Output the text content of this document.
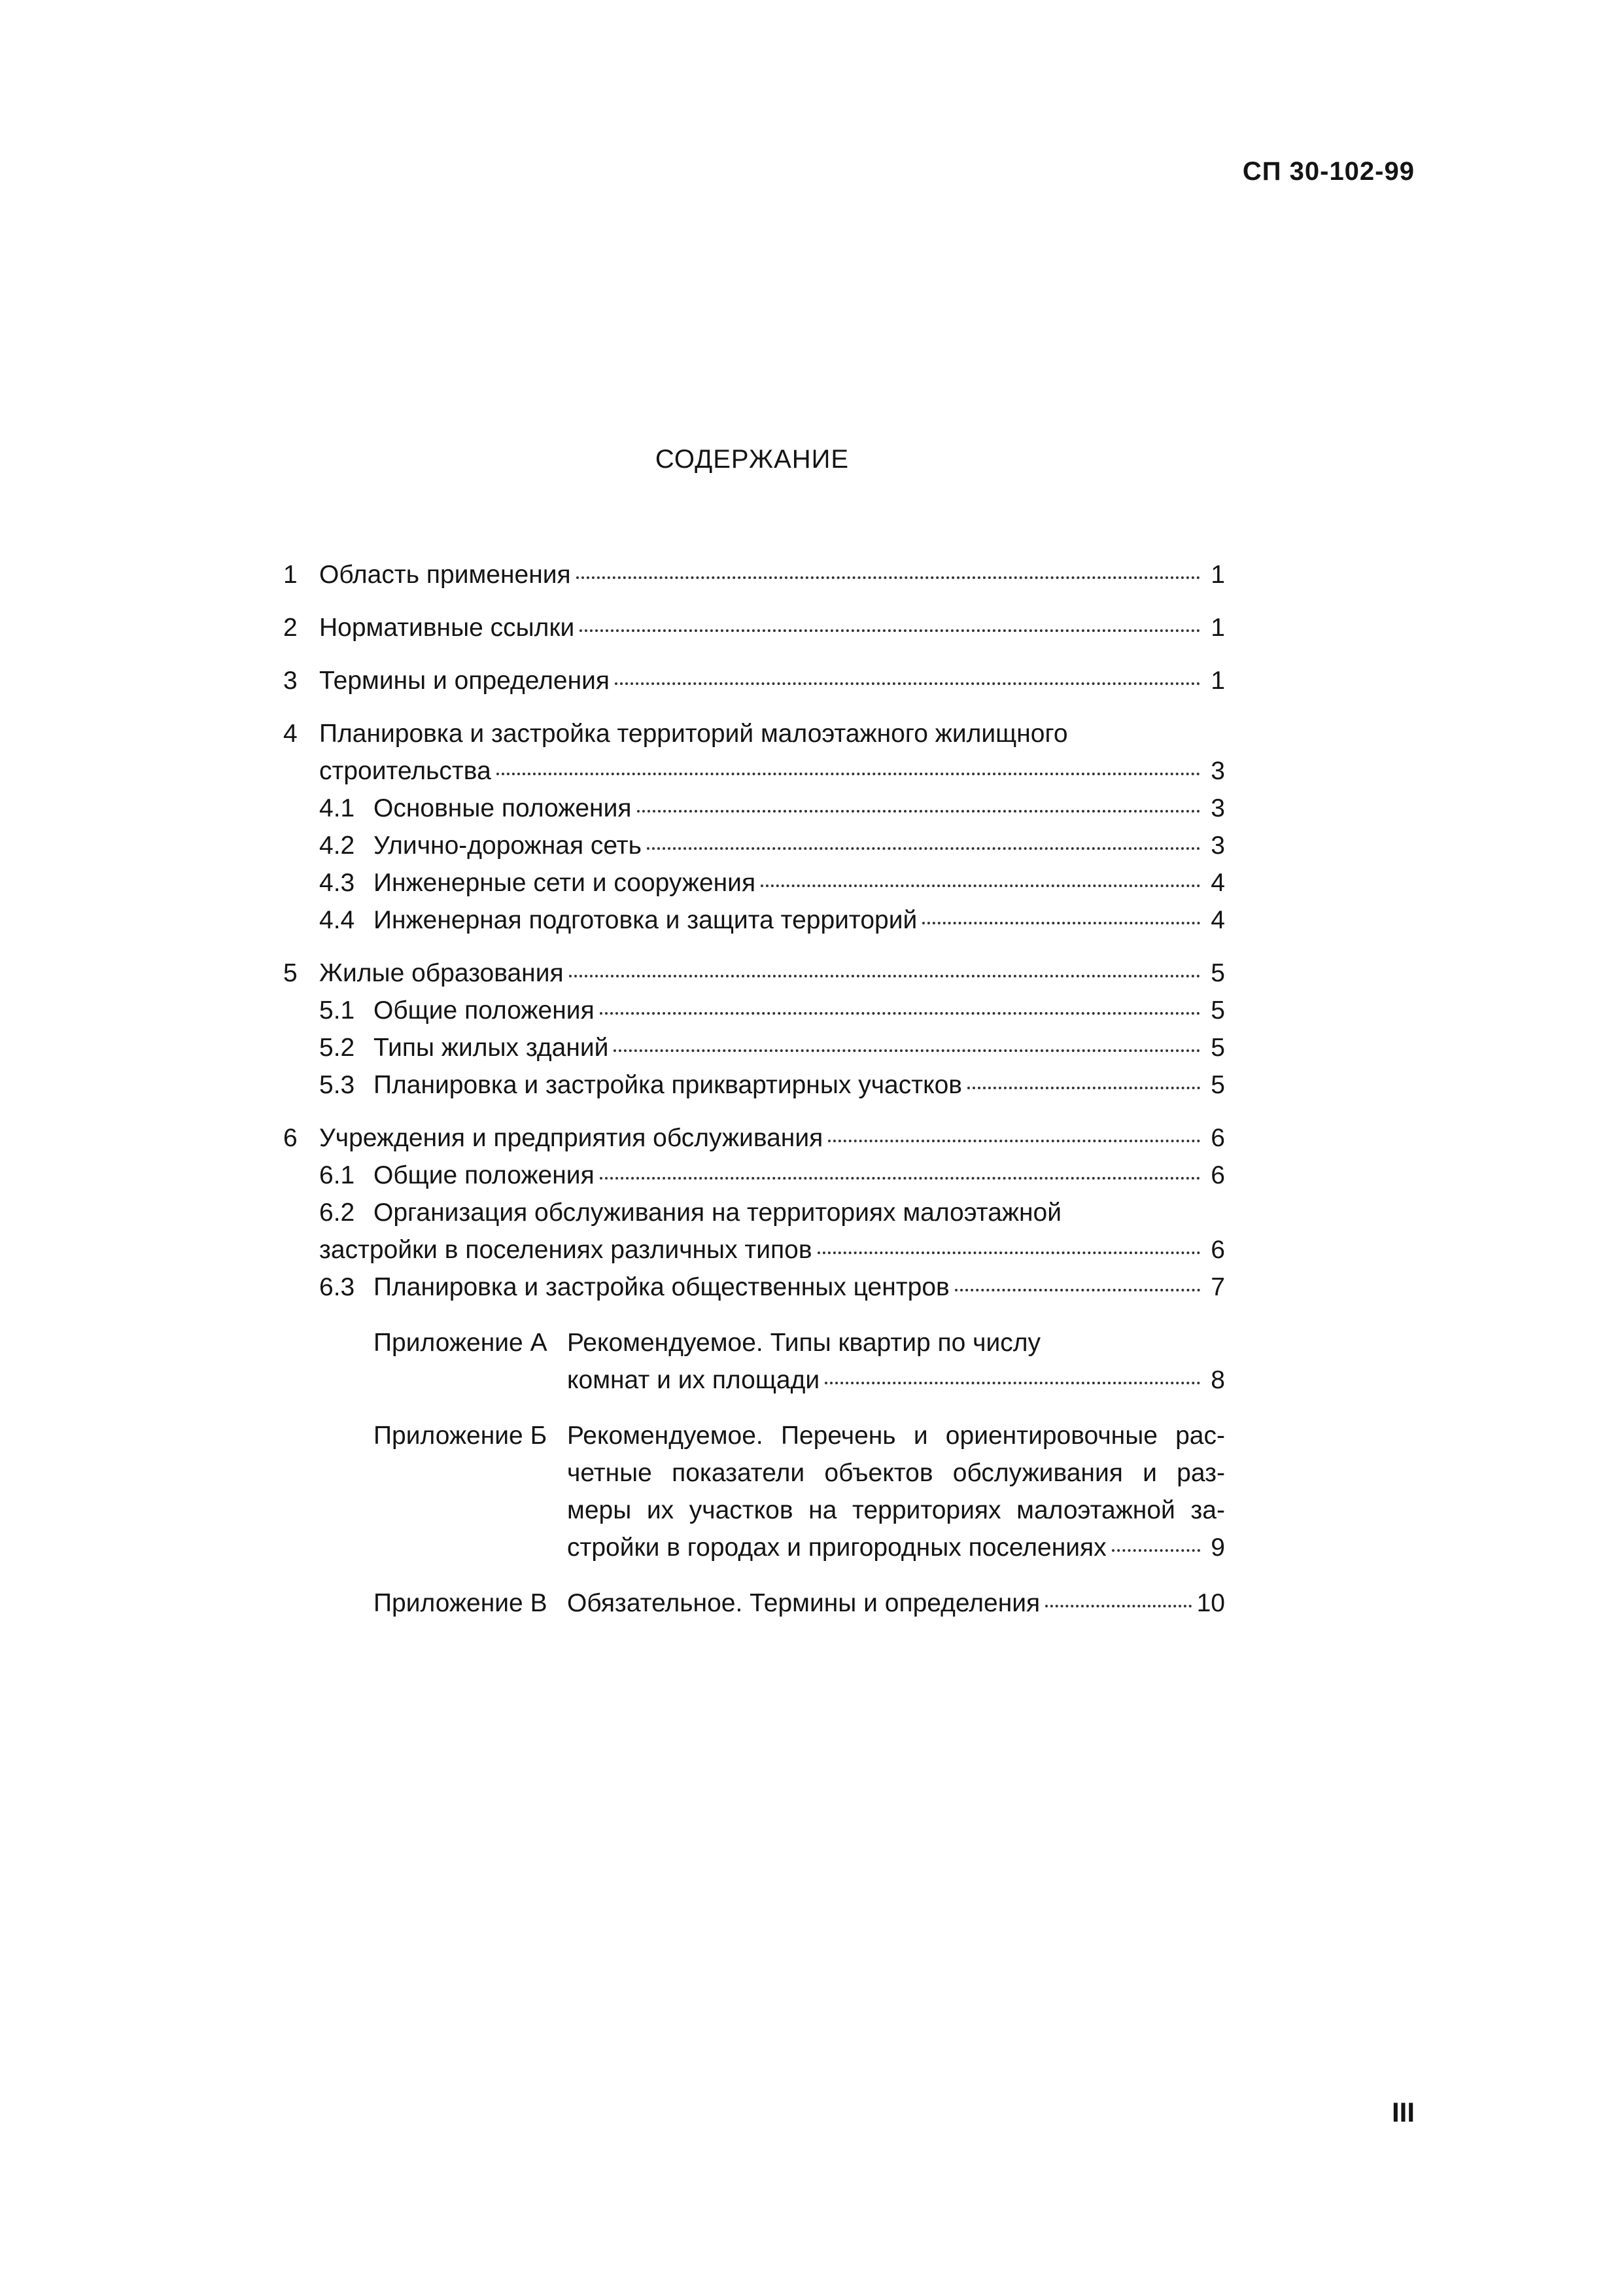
СП 30-102-99
СОДЕРЖАНИЕ
1 Область применения	1
2 Нормативные ссылки	1
3 Термины и определения	1
4 Планировка и застройка территорий малоэтажного жилищного
строительства	3
4.1 Основные положения	3
4.2 Улично-дорожная сеть	3
4.3 Инженерные сети и сооружения	4
4.4 Инженерная подготовка и защита территорий	4
5 Жилые образования	5
5.1 Общие положения	5
5.2 Типы жилых зданий	5
5.3 Планировка и застройка приквартирных участков	5
6 Учреждения и предприятия обслуживания	6
6.1 Общие положения	6
6.2 Организация обслуживания на территориях малоэтажной
застройки в поселениях различных типов	6
6.3 Планировка и застройка общественных центров	7
Приложение А Рекомендуемое. Типы квартир по числу
комнат и их площади	8
Приложение Б Рекомендуемое. Перечень и ориентировочные рас-
четные показатели объектов обслуживания и раз-
меры их участков на территориях малоэтажной за-
стройки в городах и пригородных поселениях	9
Приложение В Обязательное. Термины и определения	10
III
